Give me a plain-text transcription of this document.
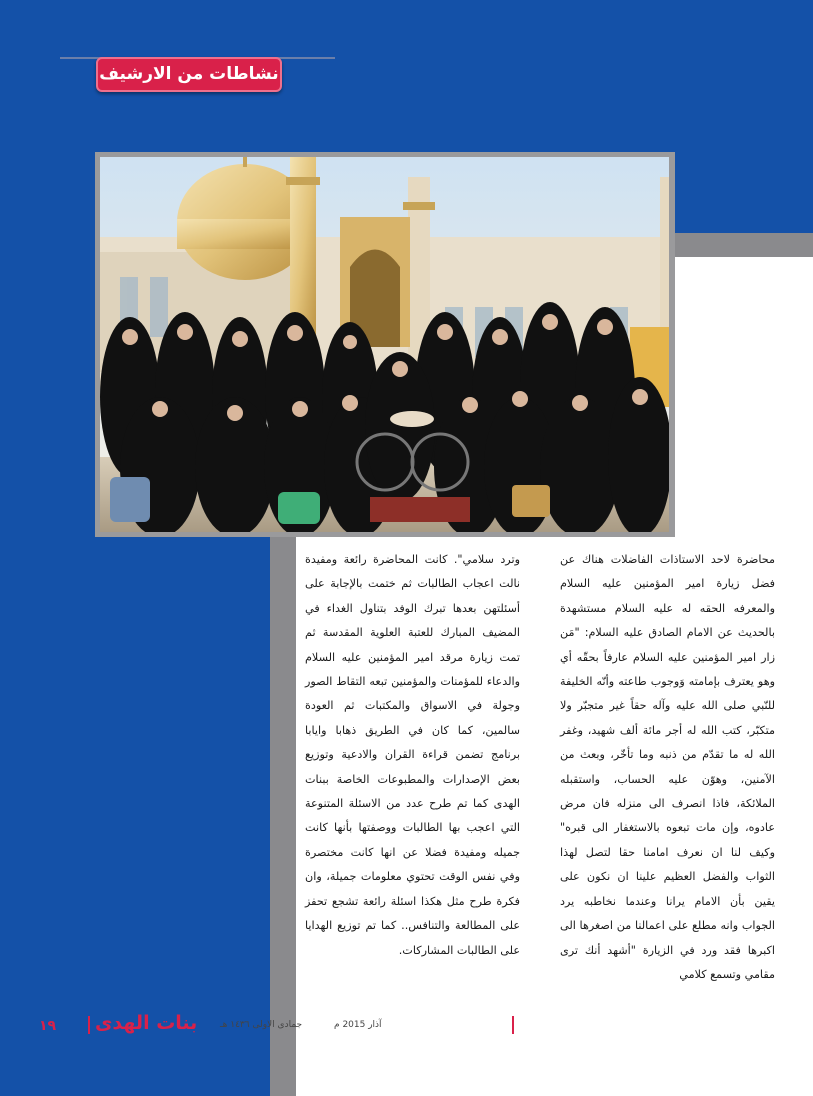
نشاطات من الارشيف

محاضرة لاحد الاستاذات الفاضلات هناك عن فضل زيارة امير المؤمنين عليه السلام والمعرفه الحقه له عليه السلام مستشهدة بالحديث عن الامام الصادق عليه السلام: "مَن زار امير المؤمنين عليه السلام عارفاً بحقّه أي وهو يعترف بإمامته وَوجوب طاعته وأنّه الخليفة للنّبي صلى الله عليه وآله حقاً غير متجبّر ولا متكبّر، كتب الله له أجر مائة ألف شهيد، وغفر الله له ما تقدّم من ذنبه وما تأخّر، وبعث من الآمنين، وهوّن عليه الحساب، واستقبله الملائكة، فاذا انصرف الى منزله فان مرض عادوه، وإن مات تبعوه بالاستغفار الى قبره" وكيف لنا ان نعرف امامنا حقا لتصل لهذا الثواب والفضل العظيم علينا ان نكون على يقين بأن الامام يرانا وعندما نخاطبه يرد الجواب وانه مطلع على اعمالنا من اصغرها الى اكبرها فقد ورد في الزيارة "أشهد أنك ترى مقامي وتسمع كلامي

وترد سلامي". كانت المحاضرة رائعة ومفيدة نالت اعجاب الطالبات ثم ختمت بالإجابة على أسئلتهن بعدها تبرك الوفد بتناول الغداء في المضيف المبارك للعتبة العلوية المقدسة ثم تمت زيارة مرقد امير المؤمنين عليه السلام والدعاء للمؤمنات والمؤمنين تبعه التقاط الصور وجولة في الاسواق والمكتبات ثم العودة سالمين، كما كان في الطريق ذهابا وايابا برنامج تضمن قراءة القران والادعية وتوزيع بعض الإصدارات والمطبوعات الخاصة ببنات الهدى كما تم طرح عدد من الاسئلة المتنوعة التي اعجب بها الطالبات ووصفتها بأنها كانت جميله ومفيدة فضلا عن انها كانت مختصرة وفي نفس الوقت تحتوي معلومات جميلة، وان فكرة طرح مثل هكذا اسئلة رائعة تشجع تحفز على المطالعة والتنافس.. كما تم توزيع الهدايا على الطالبات المشاركات.

١٩ بنات الهدى	جمادى الاولى ١٤٣٦ هـ	آذار 2015 م
